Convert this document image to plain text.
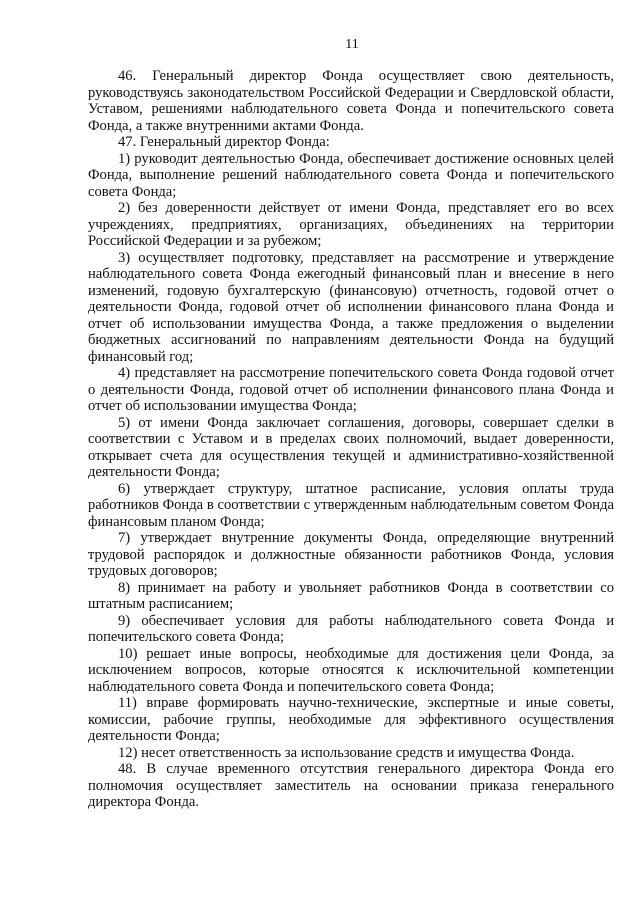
11

46. Генеральный директор Фонда осуществляет свою деятельность, руководствуясь законодательством Российской Федерации и Свердловской области, Уставом, решениями наблюдательного совета Фонда и попечительского совета Фонда, а также внутренними актами Фонда.

47. Генеральный директор Фонда:

1) руководит деятельностью Фонда, обеспечивает достижение основных целей Фонда, выполнение решений наблюдательного совета Фонда и попечительского совета Фонда;

2) без доверенности действует от имени Фонда, представляет его во всех учреждениях, предприятиях, организациях, объединениях на территории Российской Федерации и за рубежом;

3) осуществляет подготовку, представляет на рассмотрение и утверждение наблюдательного совета Фонда ежегодный финансовый план и внесение в него изменений, годовую бухгалтерскую (финансовую) отчетность, годовой отчет о деятельности Фонда, годовой отчет об исполнении финансового плана Фонда и отчет об использовании имущества Фонда, а также предложения о выделении бюджетных ассигнований по направлениям деятельности Фонда на будущий финансовый год;

4) представляет на рассмотрение попечительского совета Фонда годовой отчет о деятельности Фонда, годовой отчет об исполнении финансового плана Фонда и отчет об использовании имущества Фонда;

5) от имени Фонда заключает соглашения, договоры, совершает сделки в соответствии с Уставом и в пределах своих полномочий, выдает доверенности, открывает счета для осуществления текущей и административно-хозяйственной деятельности Фонда;

6) утверждает структуру, штатное расписание, условия оплаты труда работников Фонда в соответствии с утвержденным наблюдательным советом Фонда финансовым планом Фонда;

7) утверждает внутренние документы Фонда, определяющие внутренний трудовой распорядок и должностные обязанности работников Фонда, условия трудовых договоров;

8) принимает на работу и увольняет работников Фонда в соответствии со штатным расписанием;

9) обеспечивает условия для работы наблюдательного совета Фонда и попечительского совета Фонда;

10) решает иные вопросы, необходимые для достижения цели Фонда, за исключением вопросов, которые относятся к исключительной компетенции наблюдательного совета Фонда и попечительского совета Фонда;

11) вправе формировать научно-технические, экспертные и иные советы, комиссии, рабочие группы, необходимые для эффективного осуществления деятельности Фонда;

12) несет ответственность за использование средств и имущества Фонда.

48. В случае временного отсутствия генерального директора Фонда его полномочия осуществляет заместитель на основании приказа генерального директора Фонда.
